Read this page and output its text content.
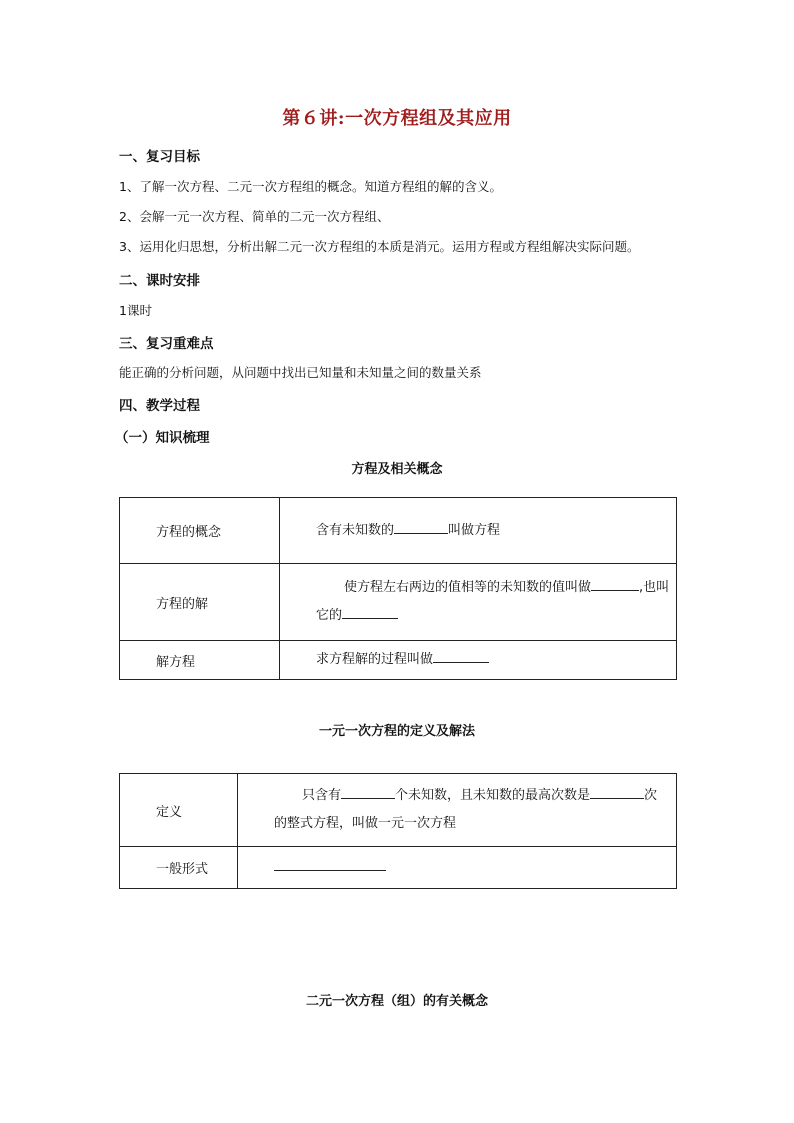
第６讲:一次方程组及其应用
一、复习目标
1、了解一次方程、二元一次方程组的概念。知道方程组的解的含义。
2、会解一元一次方程、简单的二元一次方程组、
3、运用化归思想，分析出解二元一次方程组的本质是消元。运用方程或方程组解决实际问题。
二、课时安排
1课时
三、复习重难点
能正确的分析问题，从问题中找出已知量和未知量之间的数量关系
四、教学过程
（一）知识梳理
方程及相关概念
方程的概念	含有未知数的 叫做方程
方程的解	使方程左右两边的值相等的未知数的值叫做 ,也叫它的
解方程	求方程解的过程叫做
一元一次方程的定义及解法
定义	只含有 个未知数，且未知数的最高次数是 次的整式方程，叫做一元一次方程
一般形式	
二元一次方程（组）的有关概念
